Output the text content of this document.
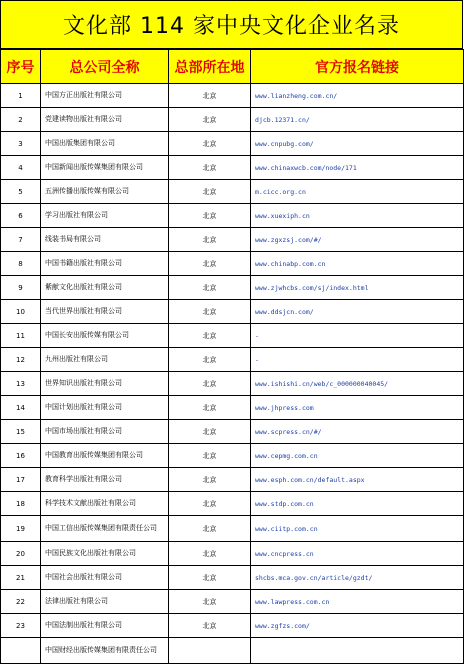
文化部 114 家中央文化企业名录
序号	总公司全称	总部所在地	官方报名链接
1	中国方正出版社有限公司	北京	www.lianzheng.com.cn/
2	党建读物出版社有限公司	北京	djcb.12371.cn/
3	中国出版集团有限公司	北京	www.cnpubg.com/
4	中国新闻出版传媒集团有限公司	北京	www.chinaxwcb.com/node/171
5	五洲传播出版传媒有限公司	北京	m.cicc.org.cn
6	学习出版社有限公司	北京	www.xuexiph.cn
7	线装书局有限公司	北京	www.zgxzsj.com/#/
8	中国书籍出版社有限公司	北京	www.chinabp.com.cn
9	紫献文化出版社有限公司	北京	www.zjwhcbs.com/sj/index.html
10	当代世界出版社有限公司	北京	www.ddsjcn.com/
11	中国长安出版传媒有限公司	北京	-
12	九州出版社有限公司	北京	-
13	世界知识出版社有限公司	北京	www.ishishi.cn/web/c_000000040045/
14	中国计划出版社有限公司	北京	www.jhpress.com
15	中国市场出版社有限公司	北京	www.scpress.cn/#/
16	中国教育出版传媒集团有限公司	北京	www.cepmg.com.cn
17	教育科学出版社有限公司	北京	www.esph.com.cn/default.aspx
18	科学技术文献出版社有限公司	北京	www.stdp.com.cn
19	中国工信出版传媒集团有限责任公司	北京	www.ciitp.com.cn
20	中国民族文化出版社有限公司	北京	www.cncpress.cn
21	中国社会出版社有限公司	北京	shcbs.mca.gov.cn/article/gzdt/
22	法律出版社有限公司	北京	www.lawpress.com.cn
23	中国法制出版社有限公司	北京	www.zgfzs.com/
	中国财经出版传媒集团有限责任公司		
